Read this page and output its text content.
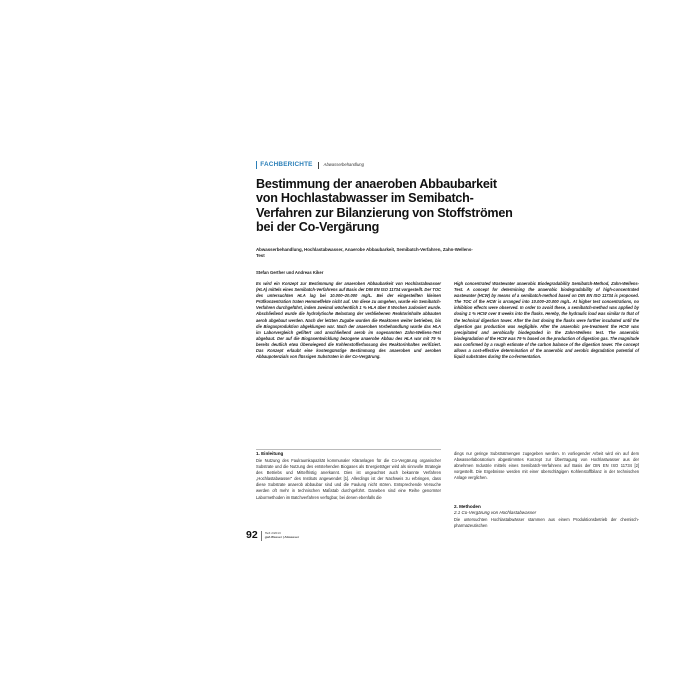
FACHBERICHTE	Abwasserbehandlung
Bestimmung der anaeroben Abbaubarkeit von Hochlastabwasser im Semibatch-Verfahren zur Bilanzierung von Stoffströmen bei der Co-Vergärung
Abwasserbehandlung, Hochlastabwasser, Anaerobe Abbaubarkeit, Semibatch-Verfahren, Zahn-Wellens-Test
Stefan Gerther und Andreas Kiker
Es wird ein Konzept zur Bestimmung der anaeroben Abbaubarkeit von Hochlastabwasser (HLA) mittels eines Semibatch-Verfahrens auf Basis der DIN EN ISO 11734 vorgestellt. Der TOC des untersuchten HLA lag bei 10.000–20.000 mg/L. Bei der eingestellten kleinen Prüfkonzentration traten Hemmeffekte nicht auf. Um diese zu umgehen, wurde ein Semibatch-Verfahren durchgeführt, indem zweimal wöchentlich 1 % HLA über 8 Wochen zudosiert wurde. Abschließend wurde die hydrolytische Belastung der verbliebenen Reaktorinhalte abbauten aerob abgebaut werden. Nach der letzten Zugabe wurden die Reaktoren weiter betrieben, bis die Biogasproduktion abgeklungen war. Nach der anaeroben Vorbehandlung wurde das HLA im Laborvergleich gefiltert und anschließend aerob im sogenannten Zahn-Wellens-Test abgebaut. Der auf die Biogasentwicklung bezogene anaerobe Abbau des HLA war mit 79 % bereits deutlich etwa Überwiegend die Kohlenstofferfassung des Reaktorinhaltes verifiziert. Das Konzept erlaubt eine kostengünstige Bestimmung des anaeroben und aeroben Abbaupotenzials von flüssigen Substraten in der Co-Vergärung.
High concentrated Wastewater anaerobic Biodegradability Semibatch-Method, Zahn-Wellens-Test. A concept for determining the anaerobic biodegradability of high-concentrated wastewater (HCW) by means of a semibatch-method based on DIN EN ISO 11734 is proposed. The TOC of the HCW is arranged into 10.000–20.000 mg/L. At higher test concentrations, no inhibition effects were observed. In order to avoid these, a semibatch-method was applied by dosing 1 % HCW over 8 weeks into the flasks. Hereby, the hydraulic load was similar to that of the technical digestion tower. After the last dosing the flasks were further incubated until the digestion gas production was negligible. After the anaerobic pre-treatment the HCW was precipitated and aerobically biodegraded in the Zahn-Wellens test. The anaerobic biodegradation of the HCW was 79 % based on the production of digestion gas. The magnitude was confirmed by a rough estimate of the carbon balance of the digestion tower. The concept allows a cost-effective determination of the anaerobic and aerobic degradation potential of liquid substrates during the co-fermentation.
1. Einleitung
Die Nutzung des Faulraumkapazität kommunaler Kläranlagen für die Co-Vergärung organischer Substrate und die Nutzung des entstehenden Biogases als Energieträger wird als sinnvolle Strategie des Betriebs und Mittelfristig anerkannt. Dies ist ungeachtet auch bekannte Verfahren „Hochlastabwasser“ des Instituts angewendet [1]. Allerdings ist der Nachweis zu erbringen, dass diese Substrate anaerob abbaubar sind und die Faulung nicht stören. Entsprechende Versuche werden oft mehr in technischen Maßstab durchgeführt. Daneben sind eine Reihe genormter Labormethoden im Batchverfahren verfügbar, bei denen ebenfalls die
dings nur geringe Substratmengen zugegeben werden. In vorliegender Arbeit wird ein auf dem Abwasserlaboratorium abgestimmtes Konzept zur Übertragung von Hochlastwasser aus der abnehmen Industrie mittels eines Semibatch-Verfahrens auf Basis der DIN EN ISO 11734 [2] vorgestellt. Die Ergebnisse werden mit einer überschlägigen Kohlenstoffbilanz in der technischen Anlage verglichen.
2. Methoden
2.1 Co-Vergärung von Hochlastabwasser
Die untersuchten Hochlastabwässer stammen aus einem Produktionsbetrieb der chemisch-pharmazeutischen
92 Heft 2/2013
gwf-Wasser | Abwasser
